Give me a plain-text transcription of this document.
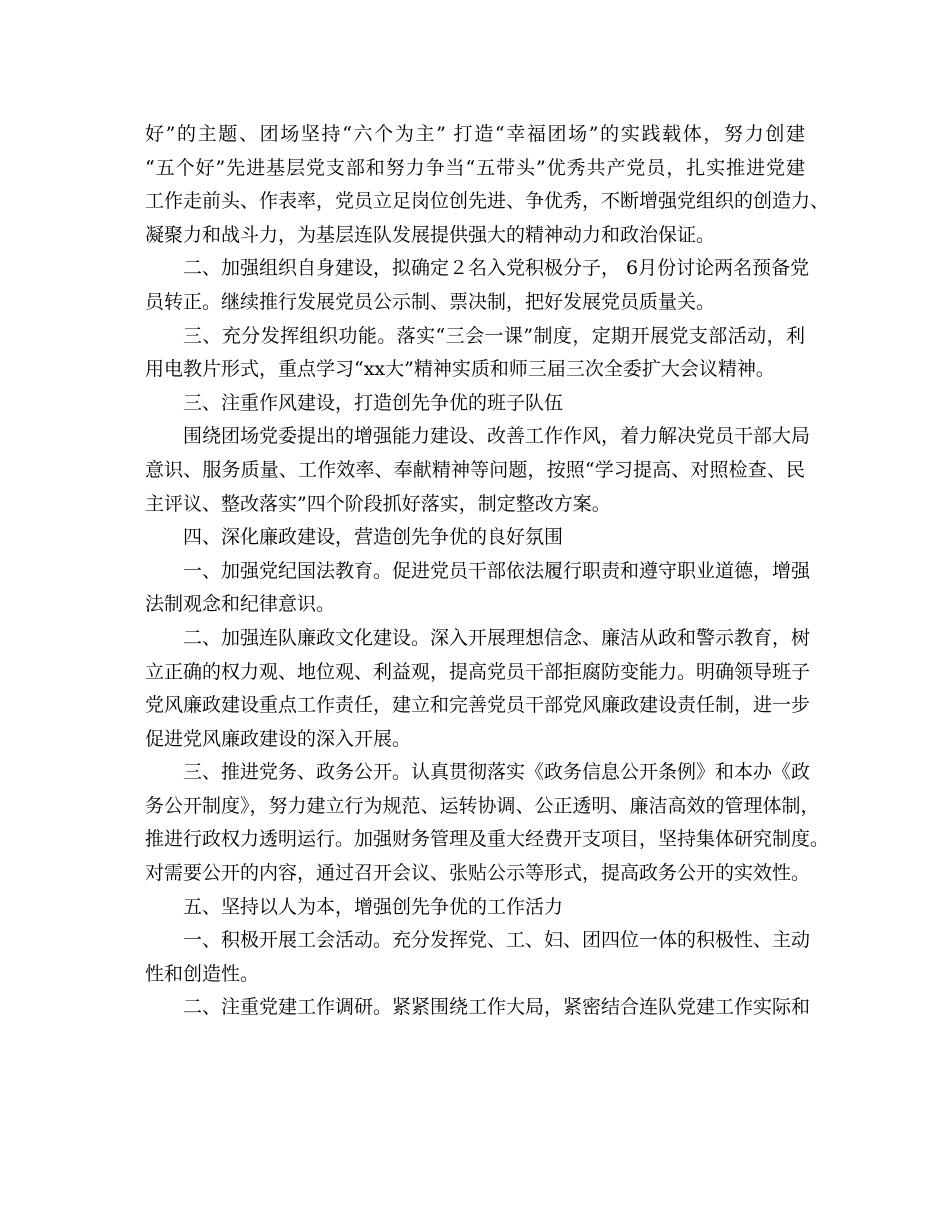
好”的主题、团场坚持“六个为主” 打造“幸福团场”的实践载体，努力创建
“五个好”先进基层党支部和努力争当“五带头”优秀共产党员，扎实推进党建
工作走前头、作表率，党员立足岗位创先进、争优秀，不断增强党组织的创造力、
凝聚力和战斗力，为基层连队发展提供强大的精神动力和政治保证。

二、加强组织自身建设，拟确定２名入党积极分子， 6月份讨论两名预备党
员转正。继续推行发展党员公示制、票决制，把好发展党员质量关。

三、充分发挥组织功能。落实“三会一课”制度，定期开展党支部活动，利
用电教片形式，重点学习“xx大”精神实质和师三届三次全委扩大会议精神。

三、注重作风建设，打造创先争优的班子队伍

围绕团场党委提出的增强能力建设、改善工作作风，着力解决党员干部大局
意识、服务质量、工作效率、奉献精神等问题，按照“学习提高、对照检查、民
主评议、整改落实”四个阶段抓好落实，制定整改方案。

四、深化廉政建设，营造创先争优的良好氛围

一、加强党纪国法教育。促进党员干部依法履行职责和遵守职业道德，增强
法制观念和纪律意识。

二、加强连队廉政文化建设。深入开展理想信念、廉洁从政和警示教育，树
立正确的权力观、地位观、利益观，提高党员干部拒腐防变能力。明确领导班子
党风廉政建设重点工作责任，建立和完善党员干部党风廉政建设责任制，进一步
促进党风廉政建设的深入开展。

三、推进党务、政务公开。认真贯彻落实《政务信息公开条例》和本办《政
务公开制度》，努力建立行为规范、运转协调、公正透明、廉洁高效的管理体制，
推进行政权力透明运行。加强财务管理及重大经费开支项目，坚持集体研究制度。
对需要公开的内容，通过召开会议、张贴公示等形式，提高政务公开的实效性。

五、坚持以人为本，增强创先争优的工作活力

一、积极开展工会活动。充分发挥党、工、妇、团四位一体的积极性、主动
性和创造性。

二、注重党建工作调研。紧紧围绕工作大局，紧密结合连队党建工作实际和
